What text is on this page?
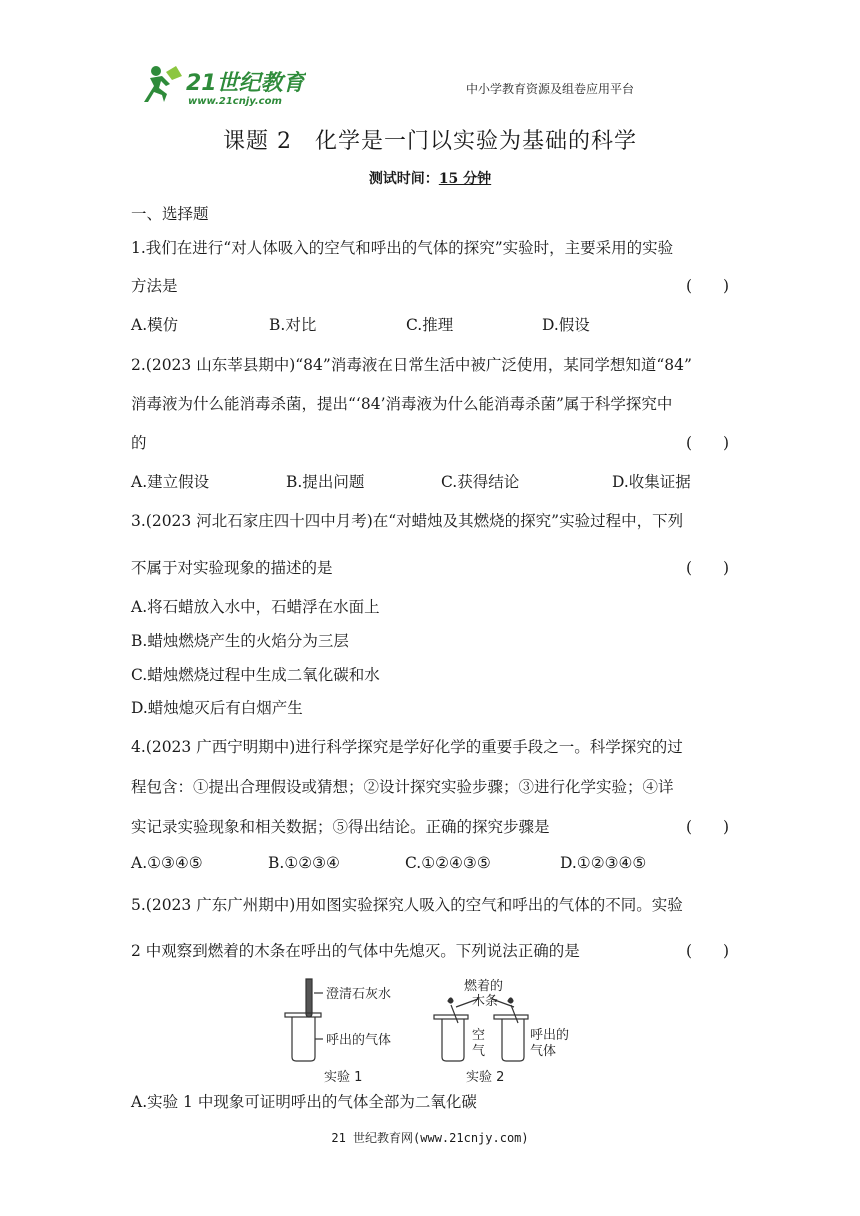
21世纪教育
www.21cnjy.com
中小学教育资源及组卷应用平台
课题 2　化学是一门以实验为基础的科学
测试时间：15 分钟
一、选择题
1.我们在进行“对人体吸入的空气和呼出的气体的探究”实验时，主要采用的实验
方法是	(　　)
A.模仿	B.对比	C.推理	D.假设
2.(2023 山东莘县期中)“84”消毒液在日常生活中被广泛使用，某同学想知道“84”
消毒液为什么能消毒杀菌，提出“‘84’消毒液为什么能消毒杀菌”属于科学探究中
的	(　　)
A.建立假设	B.提出问题	C.获得结论	D.收集证据
3.(2023 河北石家庄四十四中月考)在“对蜡烛及其燃烧的探究”实验过程中，下列
不属于对实验现象的描述的是	(　　)
A.将石蜡放入水中，石蜡浮在水面上
B.蜡烛燃烧产生的火焰分为三层
C.蜡烛燃烧过程中生成二氧化碳和水
D.蜡烛熄灭后有白烟产生
4.(2023 广西宁明期中)进行科学探究是学好化学的重要手段之一。科学探究的过
程包含：①提出合理假设或猜想；②设计探究实验步骤；③进行化学实验；④详
实记录实验现象和相关数据；⑤得出结论。正确的探究步骤是	(　　)
A.①③④⑤	B.①②③④	C.①②④③⑤	D.①②③④⑤
5.(2023 广东广州期中)用如图实验探究人吸入的空气和呼出的气体的不同。实验
2 中观察到燃着的木条在呼出的气体中先熄灭。下列说法正确的是	(　　)
澄清石灰水
呼出的气体
实验 1
燃着的
木条
空
气
呼出的
气体
实验 2
A.实验 1 中现象可证明呼出的气体全部为二氧化碳
21 世纪教育网(www.21cnjy.com)
